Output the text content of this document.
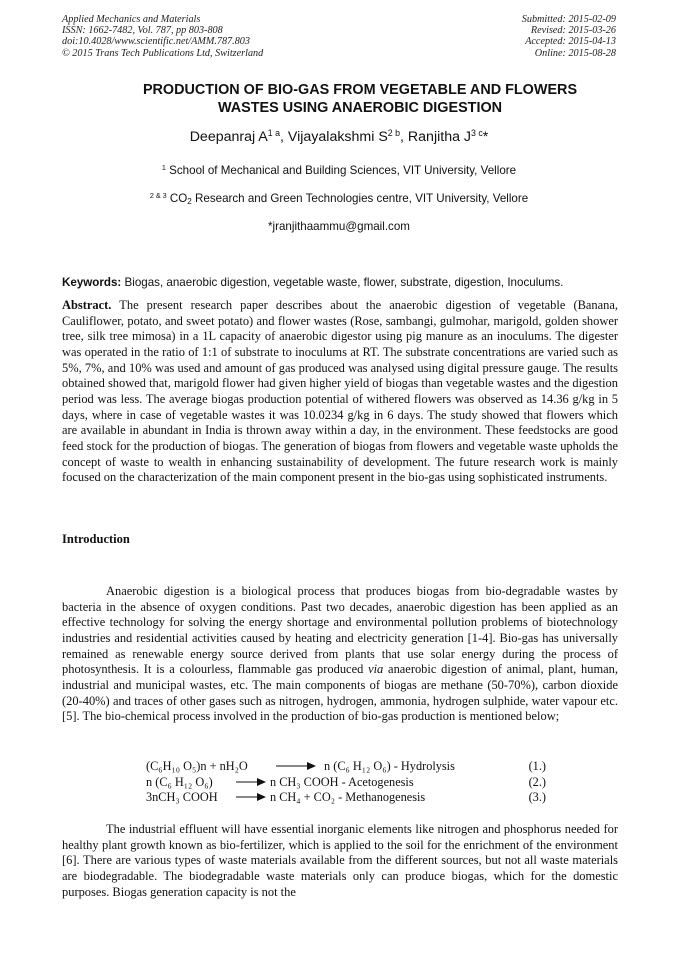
Applied Mechanics and Materials
ISSN: 1662-7482, Vol. 787, pp 803-808
doi:10.4028/www.scientific.net/AMM.787.803
© 2015 Trans Tech Publications Ltd, Switzerland
Submitted: 2015-02-09
Revised: 2015-03-26
Accepted: 2015-04-13
Online: 2015-08-28
PRODUCTION OF BIO-GAS FROM VEGETABLE AND FLOWERS
WASTES USING ANAEROBIC DIGESTION
Deepanraj $A^{1 a}$, Vijayalakshmi $S^{2 b}$, Ranjitha $J^{3 c}*$
$^1$ School of Mechanical and Building Sciences, VIT University, Vellore
$^{2 \& 3}$ $CO_2$ Research and Green Technologies centre, VIT University, Vellore
*jranjithaammu@gmail.com
Keywords: Biogas, anaerobic digestion, vegetable waste, flower, substrate, digestion, Inoculums.
Abstract. The present research paper describes about the anaerobic digestion of vegetable (Banana, Cauliflower, potato, and sweet potato) and flower wastes (Rose, sambangi, gulmohar, marigold, golden shower tree, silk tree mimosa) in a 1L capacity of anaerobic digestor using pig manure as an inoculums. The digester was operated in the ratio of 1:1 of substrate to inoculums at RT. The substrate concentrations are varied such as 5%, 7%, and 10% was used and amount of gas produced was analysed using digital pressure gauge. The results obtained showed that, marigold flower had given higher yield of biogas than vegetable wastes and the digestion period was less. The average biogas production potential of withered flowers was observed as 14.36 g/kg in 5 days, where in case of vegetable wastes it was 10.0234 g/kg in 6 days. The study showed that flowers which are available in abundant in India is thrown away within a day, in the environment. These feedstocks are good feed stock for the production of biogas. The generation of biogas from flowers and vegetable waste upholds the concept of waste to wealth in enhancing sustainability of development. The future research work is mainly focused on the characterization of the main component present in the bio-gas using sophisticated instruments.
Introduction
Anaerobic digestion is a biological process that produces biogas from bio-degradable wastes by bacteria in the absence of oxygen conditions. Past two decades, anaerobic digestion has been applied as an effective technology for solving the energy shortage and environmental pollution problems of biotechnology industries and residential activities caused by heating and electricity generation [1-4]. Bio-gas has universally remained as renewable energy source derived from plants that use solar energy during the process of photosynthesis. It is a colourless, flammable gas produced via anaerobic digestion of animal, plant, human, industrial and municipal wastes, etc. The main components of biogas are methane (50-70%), carbon dioxide (20-40%) and traces of other gases such as nitrogen, hydrogen, ammonia, hydrogen sulphide, water vapour etc. [5]. The bio-chemical process involved in the production of bio-gas production is mentioned below;
(C₆H₁₀ O₅)n + nH₂O	n (C₆ H₁₂ O₆) - Hydrolysis	(1.)
n (C₆ H₁₂ O₆)	n CH₃ COOH - Acetogenesis	(2.)
3nCH₃ COOH	n CH₄ + CO₂ - Methanogenesis	(3.)
The industrial effluent will have essential inorganic elements like nitrogen and phosphorus needed for healthy plant growth known as bio-fertilizer, which is applied to the soil for the enrichment of the environment [6]. There are various types of waste materials available from the different sources, but not all waste materials are biodegradable. The biodegradable waste materials only can produce biogas, which for the domestic purposes. Biogas generation capacity is not the
